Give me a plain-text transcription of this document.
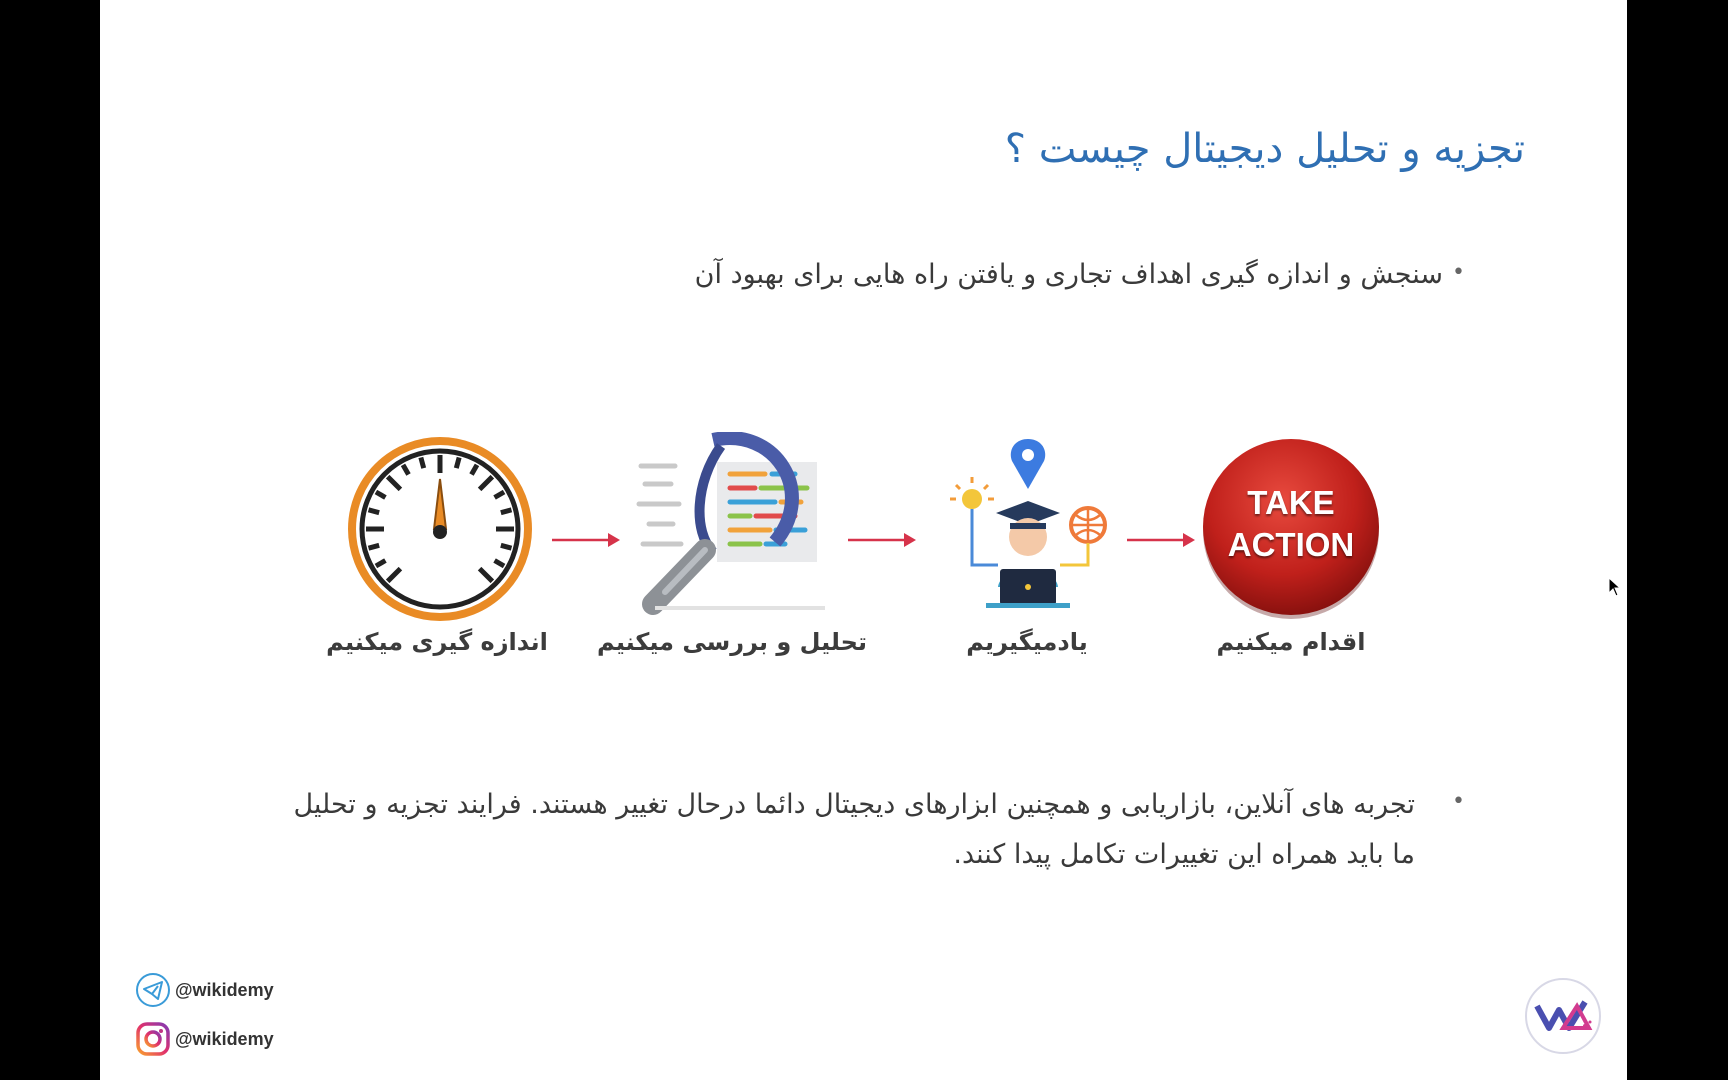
تجزیه و تحلیل دیجیتال چیست ؟
•
سنجش و اندازه گیری اهداف تجاری و یافتن راه هایی برای بهبود آن
TAKE
ACTION
اندازه گیری میکنیم	تحلیل و بررسی میکنیم	یادمیگیریم	اقدام میکنیم
•
تجربه های آنلاین، بازاریابی و همچنین ابزارهای دیجیتال دائما درحال تغییر هستند. فرایند تجزیه و تحلیل ما باید همراه این تغییرات تکامل پیدا کنند.
@wikidemy
@wikidemy
